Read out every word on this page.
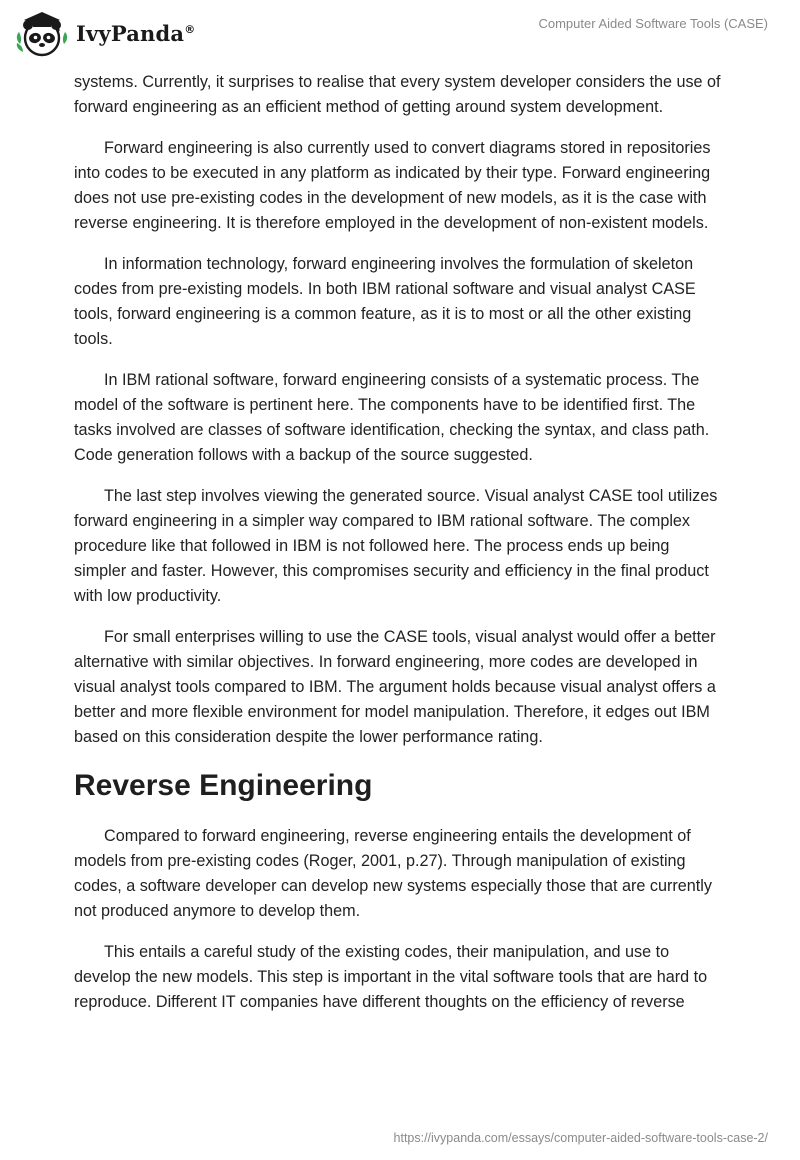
IvyPanda®	Computer Aided Software Tools (CASE)

systems. Currently, it surprises to realise that every system developer considers the use of forward engineering as an efficient method of getting around system development.

Forward engineering is also currently used to convert diagrams stored in repositories into codes to be executed in any platform as indicated by their type. Forward engineering does not use pre-existing codes in the development of new models, as it is the case with reverse engineering. It is therefore employed in the development of non-existent models.

In information technology, forward engineering involves the formulation of skeleton codes from pre-existing models. In both IBM rational software and visual analyst CASE tools, forward engineering is a common feature, as it is to most or all the other existing tools.

In IBM rational software, forward engineering consists of a systematic process. The model of the software is pertinent here. The components have to be identified first. The tasks involved are classes of software identification, checking the syntax, and class path. Code generation follows with a backup of the source suggested.

The last step involves viewing the generated source. Visual analyst CASE tool utilizes forward engineering in a simpler way compared to IBM rational software. The complex procedure like that followed in IBM is not followed here. The process ends up being simpler and faster. However, this compromises security and efficiency in the final product with low productivity.

For small enterprises willing to use the CASE tools, visual analyst would offer a better alternative with similar objectives. In forward engineering, more codes are developed in visual analyst tools compared to IBM. The argument holds because visual analyst offers a better and more flexible environment for model manipulation. Therefore, it edges out IBM based on this consideration despite the lower performance rating.

Reverse Engineering

Compared to forward engineering, reverse engineering entails the development of models from pre-existing codes (Roger, 2001, p.27). Through manipulation of existing codes, a software developer can develop new systems especially those that are currently not produced anymore to develop them.

This entails a careful study of the existing codes, their manipulation, and use to develop the new models. This step is important in the vital software tools that are hard to reproduce. Different IT companies have different thoughts on the efficiency of reverse

https://ivypanda.com/essays/computer-aided-software-tools-case-2/
